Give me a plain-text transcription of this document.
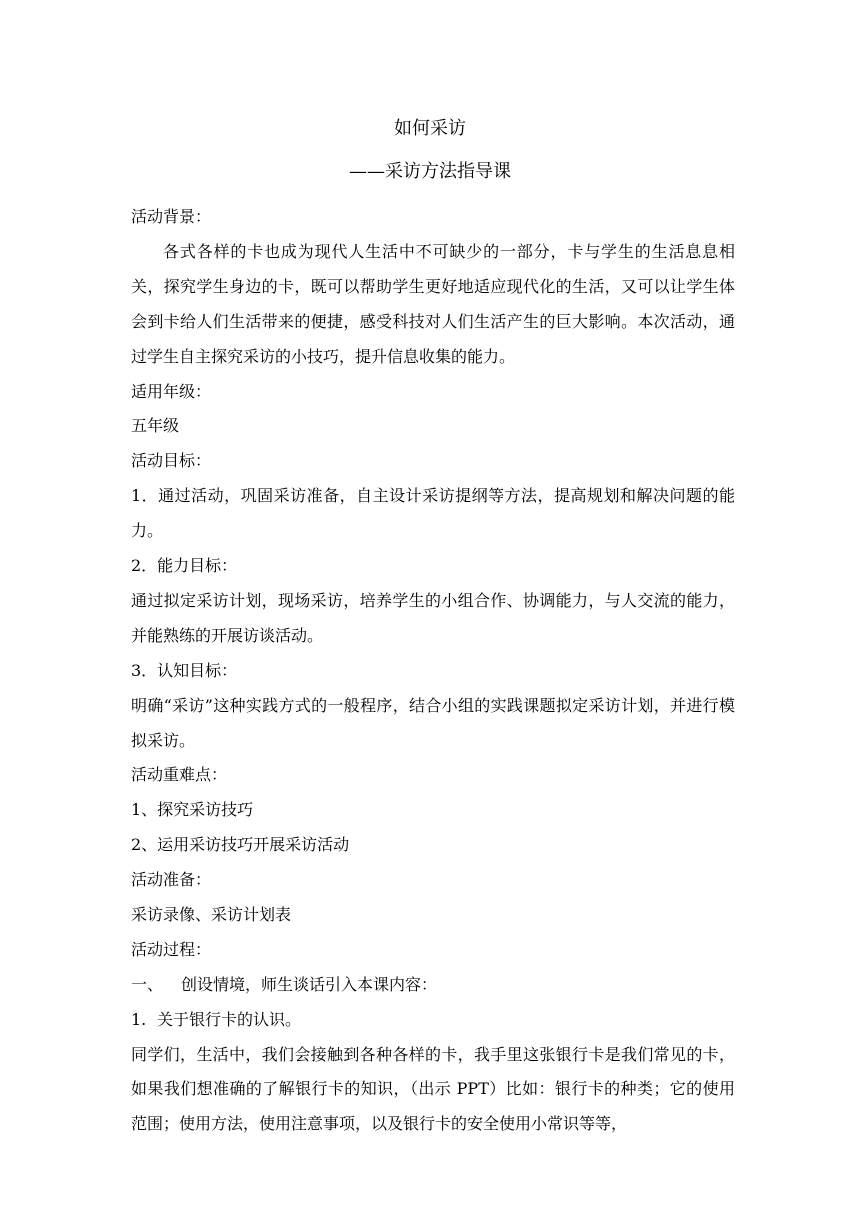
如何采访
——采访方法指导课
活动背景：
各式各样的卡也成为现代人生活中不可缺少的一部分，卡与学生的生活息息相关，探究学生身边的卡，既可以帮助学生更好地适应现代化的生活，又可以让学生体会到卡给人们生活带来的便捷，感受科技对人们生活产生的巨大影响。本次活动，通过学生自主探究采访的小技巧，提升信息收集的能力。
适用年级：
五年级
活动目标：
1．通过活动，巩固采访准备，自主设计采访提纲等方法，提高规划和解决问题的能力。
2．能力目标：
通过拟定采访计划，现场采访，培养学生的小组合作、协调能力，与人交流的能力，并能熟练的开展访谈活动。
3．认知目标：
明确“采访”这种实践方式的一般程序，结合小组的实践课题拟定采访计划，并进行模拟采访。
活动重难点：
1、探究采访技巧
2、运用采访技巧开展采访活动
活动准备：
采访录像、采访计划表
活动过程：
一、 创设情境，师生谈话引入本课内容：
1. 关于银行卡的认识。
同学们，生活中，我们会接触到各种各样的卡，我手里这张银行卡是我们常见的卡，如果我们想准确的了解银行卡的知识，（出示 PPT）比如：银行卡的种类；它的使用范围；使用方法，使用注意事项，以及银行卡的安全使用小常识等等，
